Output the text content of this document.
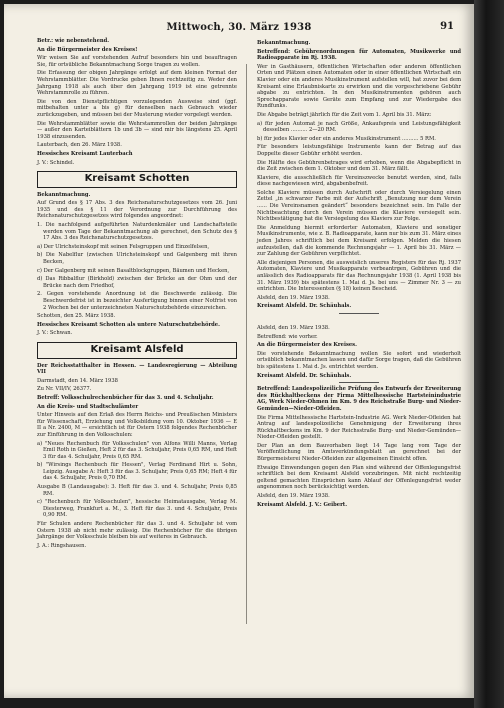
Mittwoch, 30. März 1938	91

Betr.: wie nebenstehend.

An die Bürgermeister des Kreises!

Wir weisen Sie auf vorstehenden Aufruf besonders hin und beauftragen Sie, für ortsübliche Bekanntmachung Sorge tragen zu wollen.

Die Erfassung der obigen Jahrgänge erfolgt auf dem kleinen Format der Wehrstammblätter. Die Vordrucke geben Ihnen rechtzeitig zu. Weder den Jahrgang 1918 als auch über den Jahrgang 1919 ist eine getrennte Wehrstammrolle zu führen.

Die von den Dienstpflichtigen vorzulegenden Ausweise sind (ggf. mitbehalten unter a bis g) für denselben nach Gebrauch wieder zurückzugeben, und müssen bei der Musterung wieder vorgelegt werden.

Die Wehrstammblätter sowie die Wehrstammrollen der beiden Jahrgänge — außer den Karteiblättern 1b und 3b — sind mir bis längstens 25. April 1938 einzusenden.

Lauterbach, den 26. März 1938.

Hessisches Kreisamt Lauterbach

J. V.: Schindel.

Kreisamt Schotten

Bekanntmachung.

Auf Grund des § 17 Abs. 3 des Reichsnaturschutzgesetzes vom 26. Juni 1935 und des § 11 der Verordnung zur Durchführung des Reichsnaturschutzgesetzes wird folgendes angeordnet:

1. Die nachfolgend aufgeführten Naturdenkmäler und Landschaftsteile werden vom Tage der Bekanntmachung ab gerechnet, den Schutz des § 17 Abs. 3 des Reichsnaturschutzgesetzes.

a) Der Ulrichsteinskopf mit seinen Felsgruppen und Einzelfelsen,

b) Die Nabelflur (zwischen Ulrichsteinskopf und Galgenberg mit ihren Becken,

c) Der Galgenberg mit seinen Basaltblockgruppen, Bäumen und Hecken,

d) Das Ribbalflur (Birkhold) zwischen der Brücke an der Ohm und der Brücke nach dem Friedhof,

2. Gegen vorstehende Anordnung ist die Beschwerde zulässig. Die Beschwerdefrist ist in bezeichter Ausfertigung binnen einer Notfrist von 2 Wochen bei der unterzeichneten Naturschutzbehörde einzureichen.

Schotten, den 25. März 1938.

Hessisches Kreisamt Schotten als untere Naturschutzbehörde.

J. V.: Schwan.

Kreisamt Alsfeld

Der Reichsstatthalter in Hessen. — Landesregierung — Abteilung VII

Darmstadt, den 14. März 1938

Zu Nr. VII/IV, 26377.

Betreff: Volksschulrechenbücher für das 3. und 4. Schuljahr.

An die Kreis- und Stadtschulämter

Unter Hinweis auf den Erlaß des Herrn Reichs- und Preußischen Ministers für Wissenschaft, Erziehung und Volksbildung vom 10. Oktober 1936 — E II a Nr. 2400, M — ersichtlich ist für Ostern 1938 folgendes Rechenbücher zur Einführung in den Volksschulen:

a) "Neues Rechenbuch für Volksschulen" von Alfons Willi Manns, Verlag Emil Roth in Gießen, Heft 2 für das 3. Schuljahr, Preis 0,65 RM, und Heft 3 für das 4. Schuljahr, Preis 0,65 RM.

b) "Wirsings Rechenbuch für Hessen", Verlag Ferdinand Hirt u. Sohn, Leipzig. Ausgabe A: Heft 3 für das 3. Schuljahr, Preis 0,65 RM; Heft 4 für das 4. Schuljahr, Preis 0,70 RM.

Ausgabe B (Landausgabe): 3. Heft für das 3. und 4. Schuljahr, Preis 0,85 RM.

c) "Rechenbuch für Volksschulen", hessische Heimatausgabe, Verlag M. Diesterweg, Frankfurt a. M., 3. Heft für das 3. und 4. Schuljahr, Preis 0,90 RM.

Für Schulen andere Rechenbücher für das 3. und 4. Schuljahr ist vom Ostern 1938 ab nicht mehr zulässig. Die Rechenbücher für die übrigen Jahrgänge der Volksschule bleiben bis auf weiteres in Gebrauch.

J. A.: Ringshausen.

Bekanntmachung.

Betreffend: Gebührenordnungen für Automaten, Musikwerke und Radioapparate im Rj. 1938.

Wer in Gasthäusern, öffentlichen Wirtschaften oder anderen öffentlichen Orten und Plätzen einen Automaten oder in einer öffentlichen Wirtschaft ein Klavier oder ein anderes Musikinstrument aufstellen will, hat zuvor bei dem Kreisamt eine Erlaubniskarte zu erwirken und die vorgeschriebene Gebühr abgabe zu entrichten. In den Musikinstrumenten gehören auch Sprechapparate sowie Geräte zum Empfang und zur Wiedergabe des Rundfunks.

Die Abgabe beträgt jährlich für die Zeit vom 1. April bis 31. März:

a) für jeden Automat je nach Größe, Ankaufspreis und Leistungsfähigkeit desselben .......... 2—20 RM.

b) für jedes Klavier oder ein anderes Musikinstrument .......... 5 RM.

Für besonders leistungsfähige Instrumente kann der Betrag auf das Doppelte dieser Gebühr erhöht werden.

Die Hälfte des Gebührenbetrages wird erhoben, wenn die Abgabepflicht in die Zeit zwischen dem 1. Oktober und dem 31. März fällt.

Klaviere, die ausschließlich für Vereinszwecke benutzt werden, sind, falls diese nachgewiesen wird, abgabenbefreit.

Solche Klaviere müssen durch Aufschrift oder durch Versiegelung einen Zettel „in schwarzer Farbe mit der Aufschrift „Benutzung nur dem Verein ...... Die Vereinsnamen geändert“ besonders bezeichnet sein. Im Falle der Nichtbeachtung durch den Verein müssen die Klaviere versiegelt sein. Nichtbestätigung hat die Versiegelung des Klaviers zur Folge.

Die Anmeldung hiermit erforderter Automaten, Klaviere und sonstiger Musikinstrumente, wie z. B. Radioapparate, kann nur bis zum 31. März eines jeden Jahres schriftlich bei dem Kreisamt erfolgen. Melden die hiesen aufzustellen, daß die kommende Rechnungsjahr — 1. April bis 31. März — zur Zahlung der Gebühren verpflichtet.

Alle diejenigen Personen, die ausweislich unseres Registers für das Rj. 1937 Automaten, Klaviere und Musikapparate verbeantrgen, Gebühren und die anlässlich des Radioapparats für das Rechnungsjahr 1938 (1. April 1938 bis 31. März 1939) bis spätestens 1. Mai d. Js. bei uns — Zimmer Nr. 3 — zu entrichten. Die Interessenten (§ 18) keinen Bescheid.

Alsfeld, den 19. März 1938.

Kreisamt Alsfeld. Dr. Schäuhals.

Alsfeld, den 19. März 1938.

Betreffend: wie vorher.

An die Bürgermeister des Kreises.

Die vorstehende Bekanntmachung wollen Sie sofort und wiederholt ortsüblich bekanntmachen lassen und dafür Sorge tragen, daß die Gebühren bis spätestens 1. Mai d. Js. entrichtet werden.

Kreisamt Alsfeld. Dr. Schäuhals.

Betreffend: Landespolizeiliche Prüfung des Entwurfs der Erweiterung des Rückhaltbeckens der Firma Mittelhessische Hartsteinindustrie AG, Werk Nieder-Ohmen im Km. 9 des Reichstraße Burg- und Nieder-Gemünden—Nieder-Ofleiden.

Die Firma Mittelhessische Hartstein-Industrie AG. Werk Nieder-Ofleiden hat Antrag auf landespolizeiliche Genehmigung der Erweiterung ihres Rückhaltbeckens im Km. 9 der Reichsstraße Burg- und Nieder-Gemünden—Nieder-Ofleiden gestellt.

Der Plan an dem Bauvorhaben liegt 14 Tage lang vom Tage der Veröffentlichung im Amtsverkündungsblatt an gerechnet bei der Bürgermeisterei Nieder-Ofleiden zur allgemeinen Einsicht offen.

Etwaige Einwendungen gegen den Plan sind während der Offenlegungsfrist schriftlich bei dem Kreisamt Alsfeld vorzubringen. Mit nicht rechtzeitig geltend gemachten Einsprüchen kann Ablauf der Offenlegungsfrist weder angenommen noch berücksichtigt werden.

Alsfeld, den 19. März 1938.

Kreisamt Alsfeld. J. V.: Geibert.
